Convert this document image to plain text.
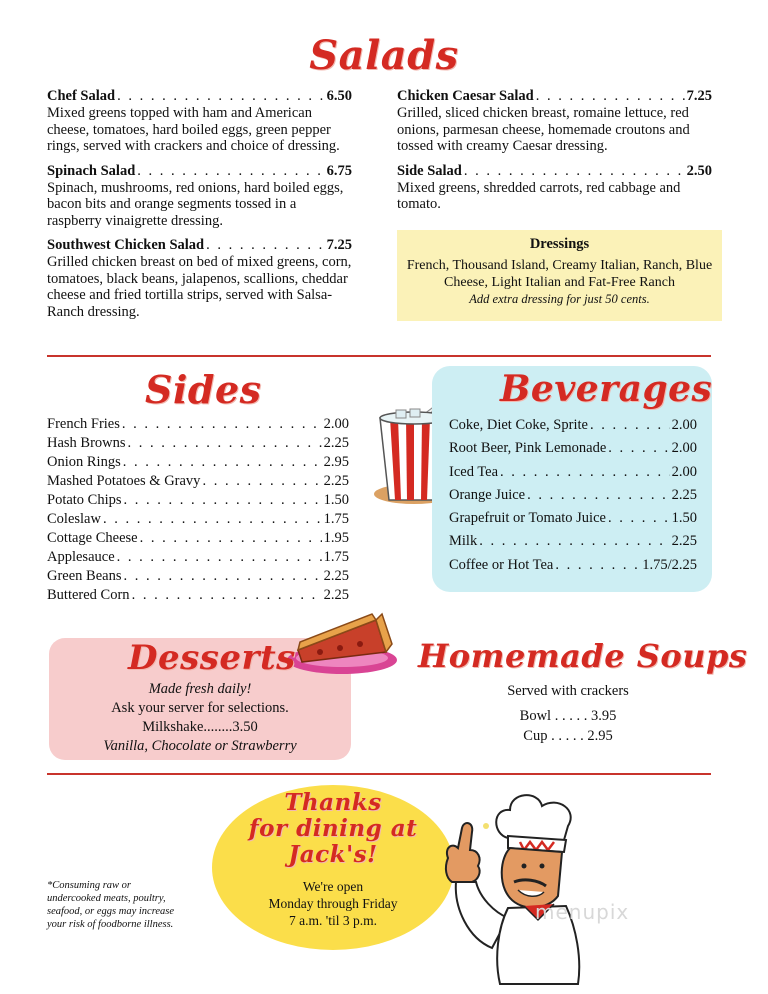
Salads
Chef Salad . . .	6.50
Mixed greens topped with ham and American cheese, tomatoes, hard boiled eggs, green pepper rings, served with crackers and choice of dressing.
Spinach Salad . . .	6.75
Spinach, mushrooms, red onions, hard boiled eggs, bacon bits and orange segments tossed in a raspberry vinaigrette dressing.
Southwest Chicken Salad . . .	7.25
Grilled chicken breast on bed of mixed greens, corn, tomatoes, black beans, jalapenos, scallions, cheddar cheese and fried tortilla strips, served with Salsa-Ranch dressing.
Chicken Caesar Salad . . .	7.25
Grilled, sliced chicken breast, romaine lettuce, red onions, parmesan cheese, homemade croutons and tossed with creamy Caesar dressing.
Side Salad . . .	2.50
Mixed greens, shredded carrots, red cabbage and tomato.
Dressings
French, Thousand Island, Creamy Italian, Ranch, Blue Cheese, Light Italian and Fat-Free Ranch
Add extra dressing for just 50 cents.
Sides
French Fries . . .	2.00
Hash Browns . . .	2.25
Onion Rings . . .	2.95
Mashed Potatoes & Gravy . . .	2.25
Potato Chips . . .	1.50
Coleslaw . . .	1.75
Cottage Cheese . . .	1.95
Applesauce . . .	1.75
Green Beans . . .	2.25
Buttered Corn . . .	2.25
Beverages
Coke, Diet Coke, Sprite . . .	2.00
Root Beer, Pink Lemonade . . .	2.00
Iced Tea . . .	2.00
Orange Juice . . .	2.25
Grapefruit or Tomato Juice . . .	1.50
Milk . . .	2.25
Coffee or Hot Tea . . .	1.75/2.25
Desserts
Made fresh daily!
Ask your server for selections.
Milkshake........3.50
Vanilla, Chocolate or Strawberry
Homemade Soups
Served with crackers
Bowl . . . . . 3.95
Cup . . . . . 2.95
Thanks
for dining at
Jack's!
We're open
Monday through Friday
7 a.m. 'til 3 p.m.
*Consuming raw or undercooked meats, poultry, seafood, or eggs may increase your risk of foodborne illness.
menupix
